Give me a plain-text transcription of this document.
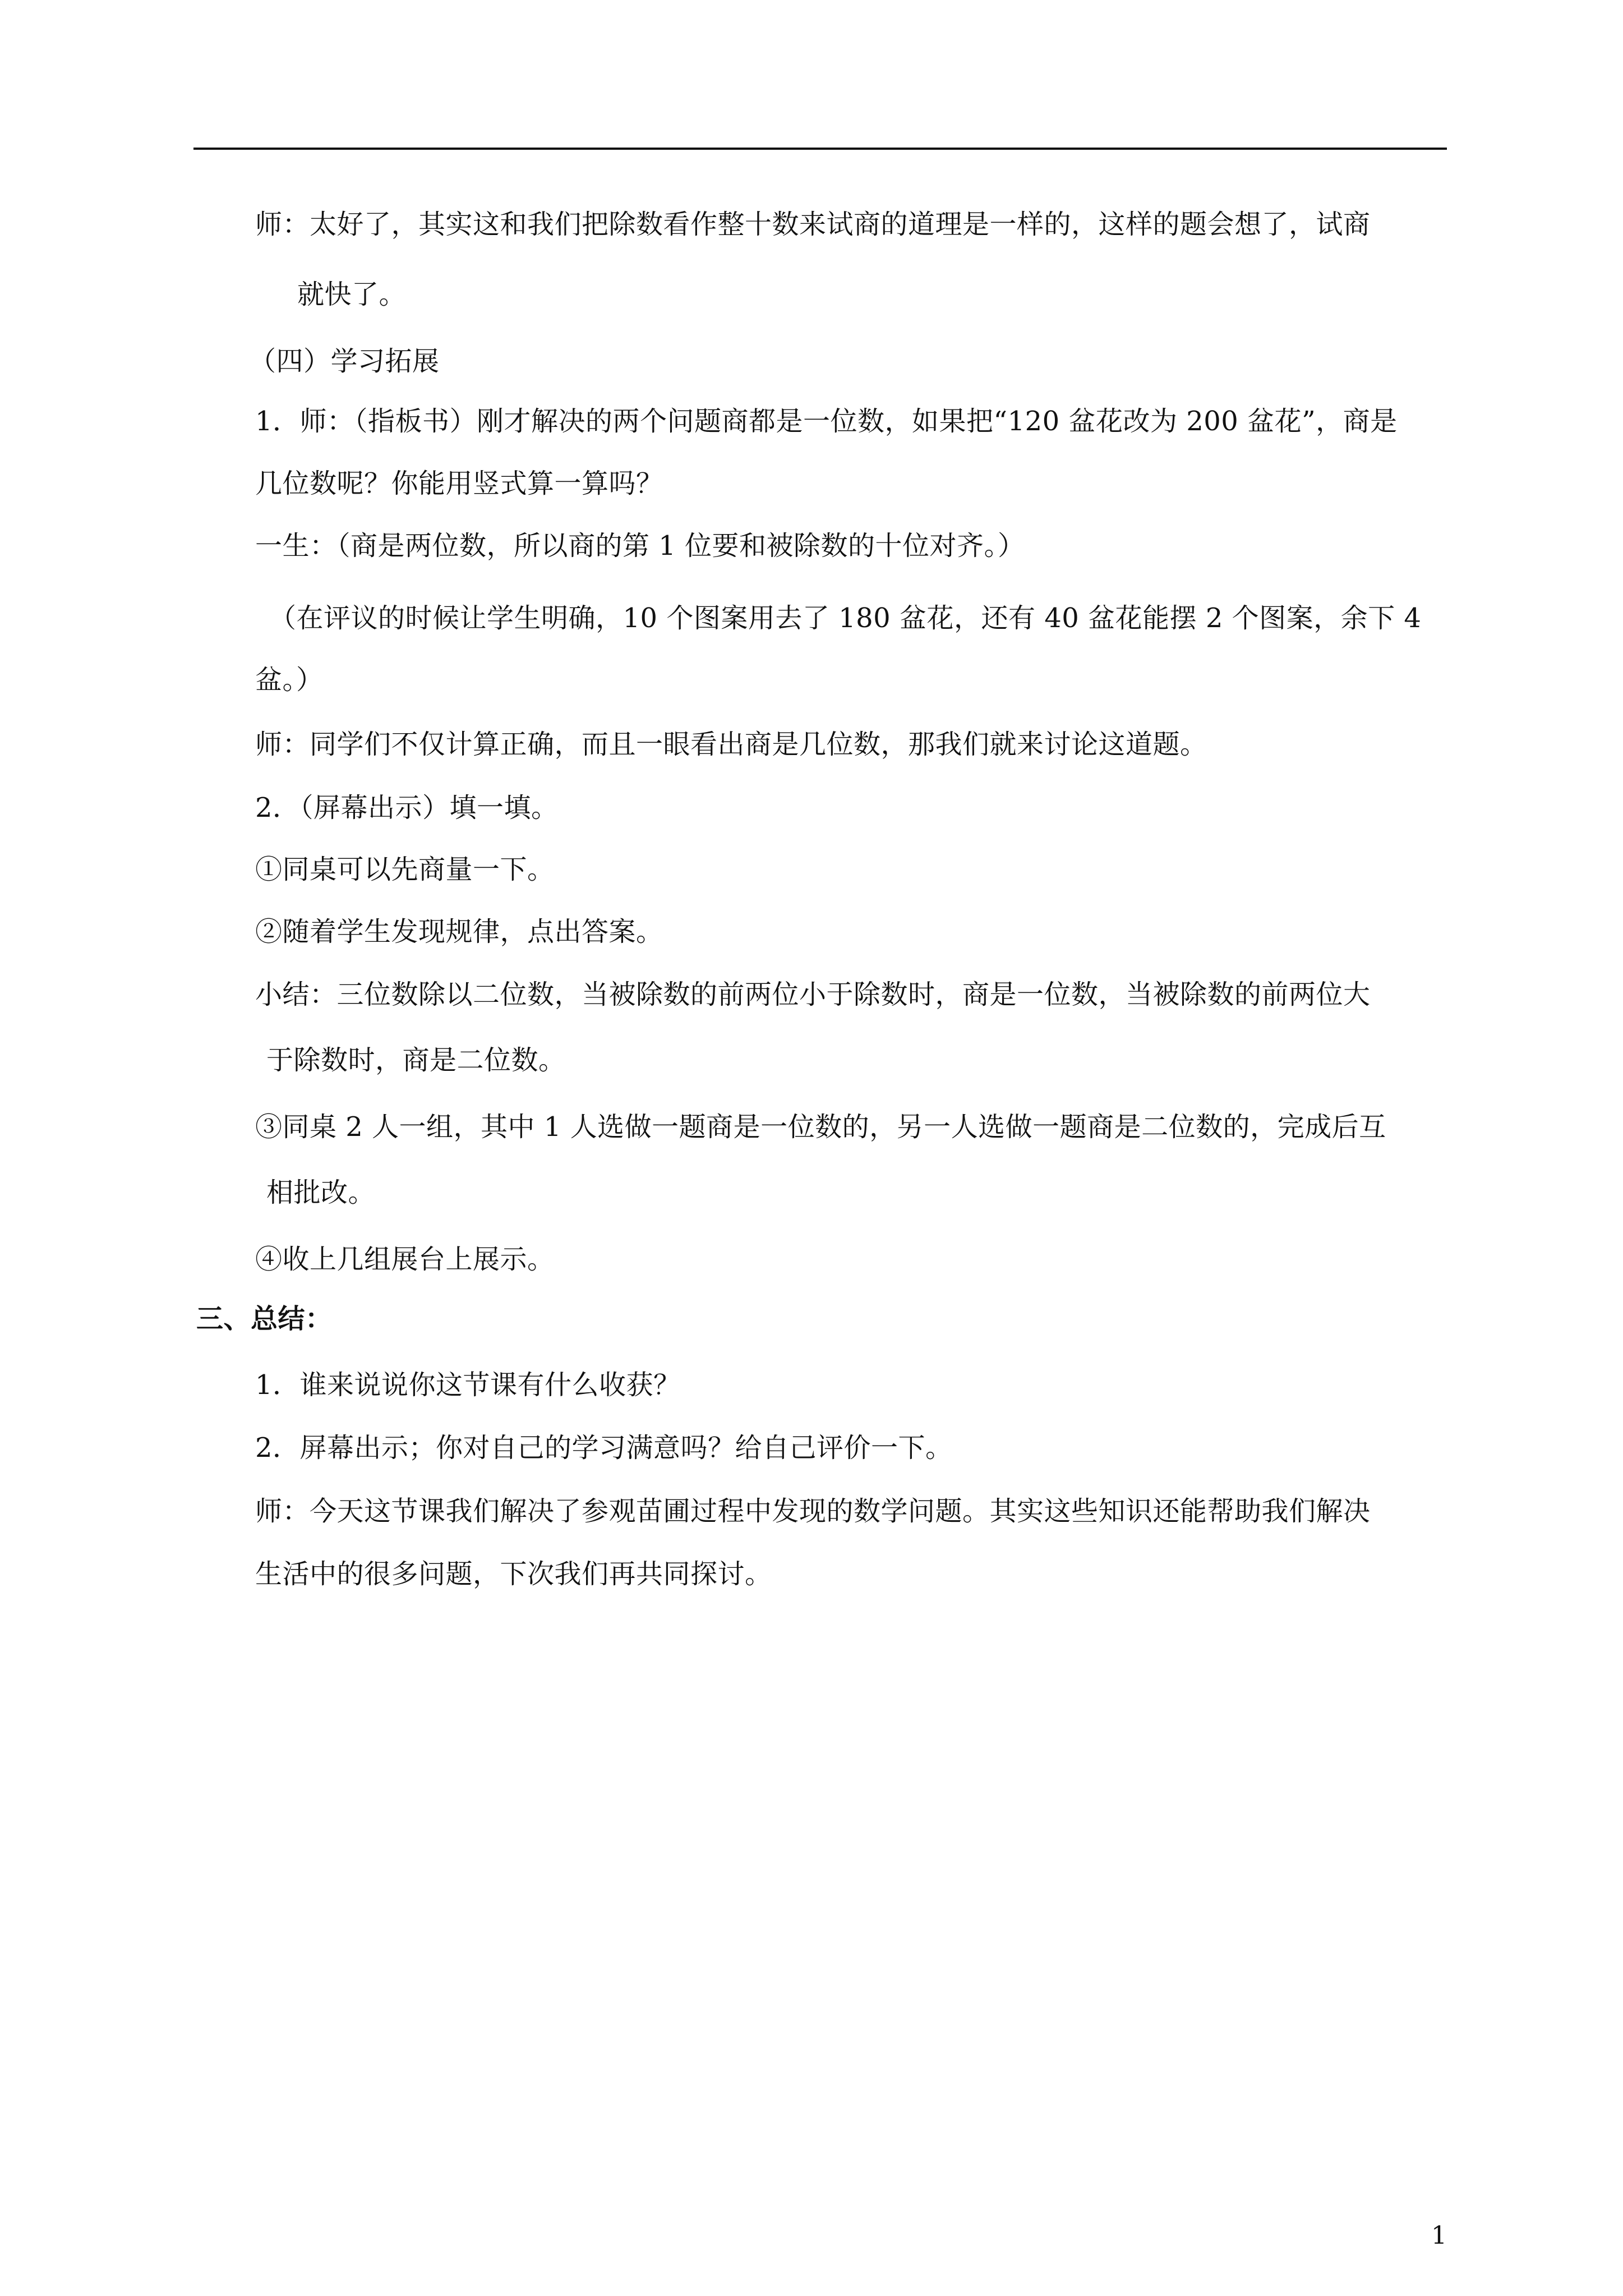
师：太好了，其实这和我们把除数看作整十数来试商的道理是一样的，这样的题会想了，试商
就快了。
（四）学习拓展
1．师：（指板书）刚才解决的两个问题商都是一位数，如果把“120 盆花改为 200 盆花”，商是
几位数呢？你能用竖式算一算吗？
一生：（商是两位数，所以商的第 1 位要和被除数的十位对齐。）
（在评议的时候让学生明确，10 个图案用去了 180 盆花，还有 40 盆花能摆 2 个图案，余下 4
盆。）
师：同学们不仅计算正确，而且一眼看出商是几位数，那我们就来讨论这道题。
2．（屏幕出示）填一填。
①同桌可以先商量一下。
②随着学生发现规律，点出答案。
小结：三位数除以二位数，当被除数的前两位小于除数时，商是一位数，当被除数的前两位大
于除数时，商是二位数。
③同桌 2 人一组，其中 1 人选做一题商是一位数的，另一人选做一题商是二位数的，完成后互
相批改。
④收上几组展台上展示。
三、总结：
1．谁来说说你这节课有什么收获？
2．屏幕出示；你对自己的学习满意吗？给自己评价一下。
师：今天这节课我们解决了参观苗圃过程中发现的数学问题。其实这些知识还能帮助我们解决
生活中的很多问题，下次我们再共同探讨。
1
